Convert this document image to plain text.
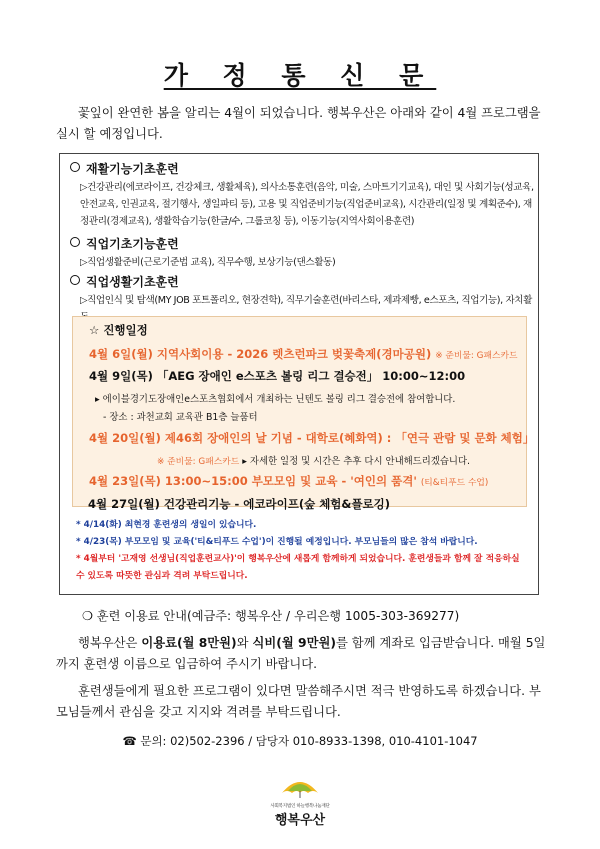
가 정 통 신 문
꽃잎이 완연한 봄을 알리는 4월이 되었습니다. 행복우산은 아래와 같이 4월 프로그램을 실시 할 예정입니다.
재활기능기초훈련
▷건강관리(에코라이프, 건강체크, 생활체육), 의사소통훈련(음악, 미술, 스마트기기교육), 대인 및 사회기능(성교육, 안전교육, 인권교육, 절기행사, 생일파티 등), 고용 및 직업준비기능(직업준비교육), 시간관리(일정 및 계획준수), 재정관리(경제교육), 생활학습기능(한글/수, 그룹코칭 등), 이동기능(지역사회이용훈련)
직업기초기능훈련
▷직업생활준비(근로기준법 교육), 직무수행, 보상기능(댄스활동)
직업생활기초훈련
▷직업인식 및 탐색(MY JOB 포트폴리오, 현장견학), 직무기술훈련(바리스타, 제과제빵, e스포츠, 직업기능), 자치활
☆ 진행일정
4월 6일(월) 지역사회이용 - 2026 렛츠런파크 벚꽃축제(경마공원) ※ 준비물: G패스카드
4월 9일(목) 「AEG 장애인 e스포츠 볼링 리그 결승전」 10:00~12:00
▸ 에이블경기도장애인e스포츠협회에서 개최하는 닌텐도 볼링 리그 결승전에 참여합니다.
- 장소 : 과천교회 교육관 B1층 늘품터
4월 20일(월) 제46회 장애인의 날 기념 - 대학로(혜화역) : 「연극 관람 및 문화 체험」
※ 준비물: G패스카드 ▸ 자세한 일정 및 시간은 추후 다시 안내해드리겠습니다.
4월 23일(목) 13:00~15:00 부모모임 및 교육 - '여인의 품격' (티&티푸드 수업)
4월 27일(월) 건강관리기능 - 에코라이프(숲 체험&플로깅)
* 4/14(화) 최현경 훈련생의 생일이 있습니다.
* 4/23(목) 부모모임 및 교육('티&티푸드 수업')이 진행될 예정입니다. 부모님들의 많은 참석 바랍니다.
* 4월부터 '고재영 선생님(직업훈련교사)'이 행복우산에 새롭게 함께하게 되었습니다. 훈련생들과 함께 잘 적응하실 수 있도록 따뜻한 관심과 격려 부탁드립니다.
❍ 훈련 이용료 안내(예금주: 행복우산 / 우리은행 1005-303-369277)
행복우산은 이용료(월 8만원)와 식비(월 9만원)를 함께 계좌로 입금받습니다. 매월 5일까지 훈련생 이름으로 입금하여 주시기 바랍니다.
훈련생들에게 필요한 프로그램이 있다면 말씀해주시면 적극 반영하도록 하겠습니다. 부모님들께서 관심을 갖고 지지와 격려를 부탁드립니다.
☎ 문의: 02)502-2396 / 담당자 010-8933-1398, 010-4101-1047
사회복지법인 하늘행복나눔재단
행복우산
